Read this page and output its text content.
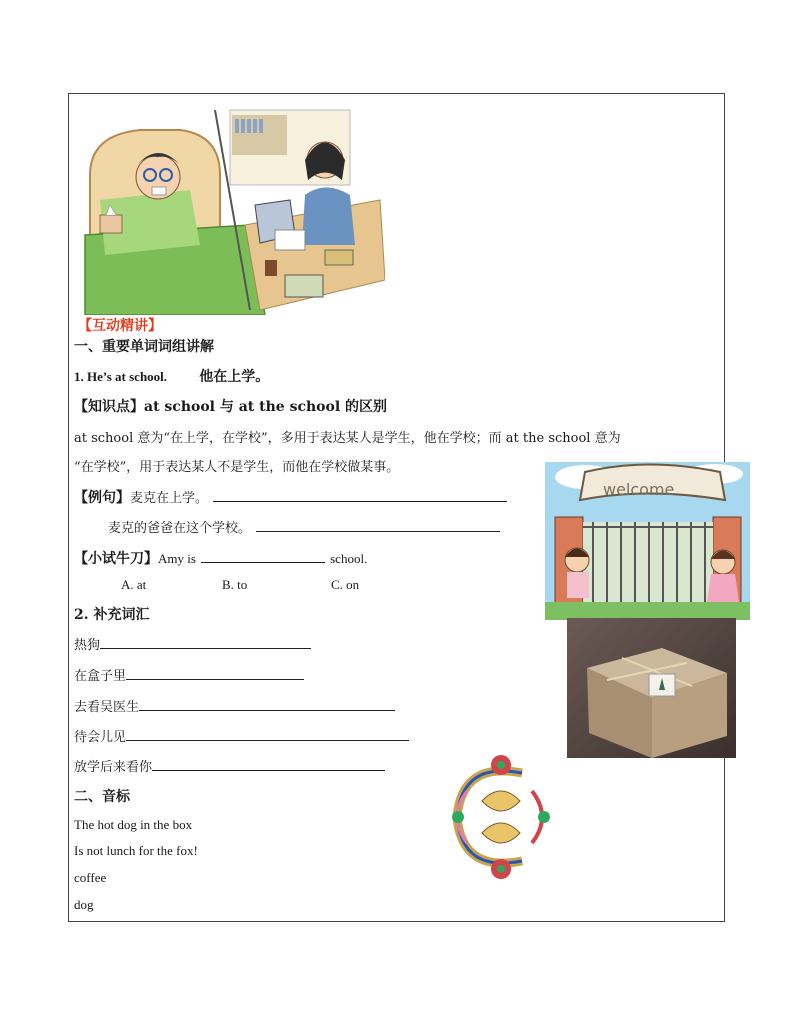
【互动精讲】
一、重要单词词组讲解
1. He’s at school. 他在上学。
【知识点】at school 与 at the school 的区别
at school 意为“在上学，在学校”，多用于表达某人是学生，他在学校；而 at the school 意为
“在学校”，用于表达某人不是学生，而他在学校做某事。
【例句】麦克在上学。
麦克的爸爸在这个学校。
【小试牛刀】Amy is	school.
A. at	B. to	C. on
2. 补充词汇
热狗
在盒子里
去看吴医生
待会儿见
放学后来看你
二、音标
The hot dog in the box
Is not lunch for the fox!
coffee
dog
welcome
